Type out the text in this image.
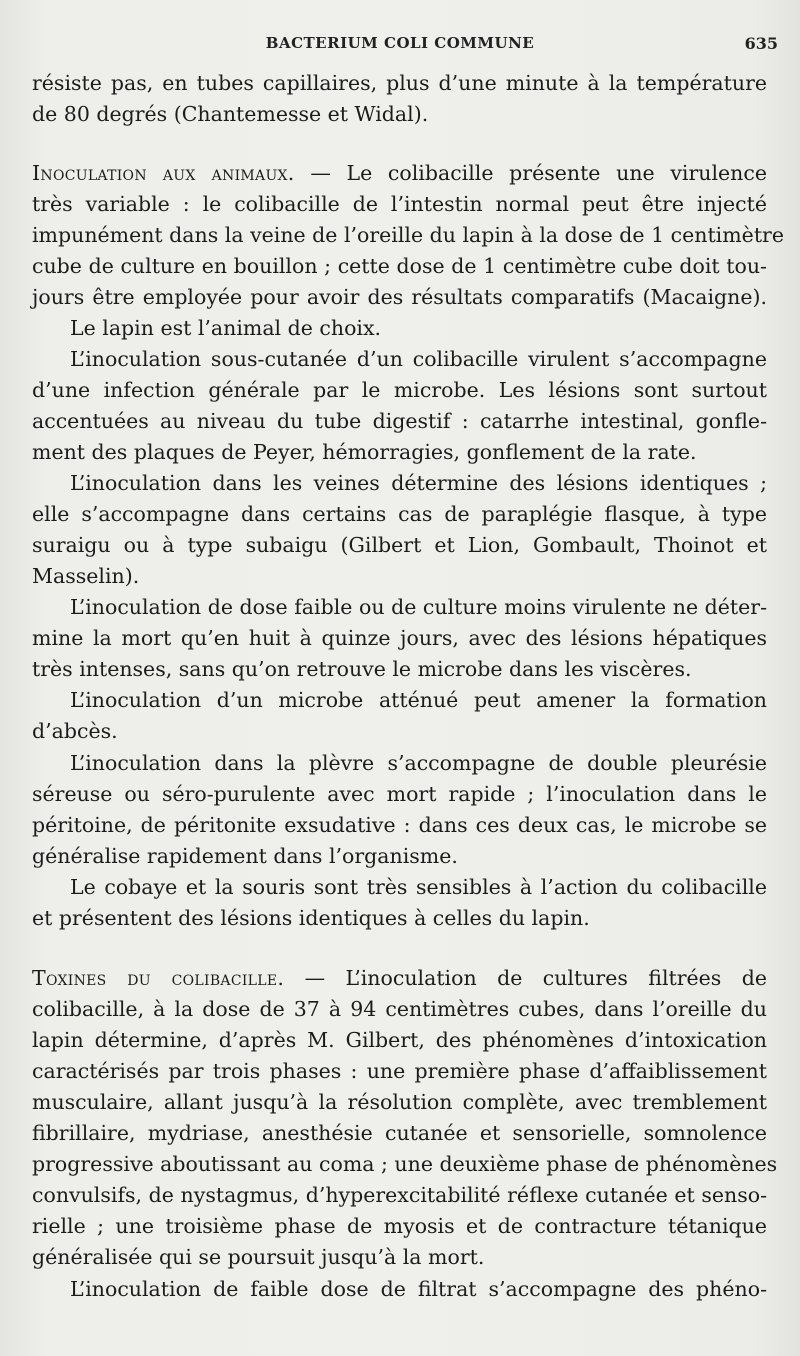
BACTERIUM COLI COMMUNE	635
résiste pas, en tubes capillaires, plus d’une minute à la température
de 80 degrés (Chantemesse et Widal).
Inoculation aux animaux. — Le colibacille présente une virulence
très variable : le colibacille de l’intestin normal peut être injecté
impunément dans la veine de l’oreille du lapin à la dose de 1 centimètre
cube de culture en bouillon ; cette dose de 1 centimètre cube doit tou-
jours être employée pour avoir des résultats comparatifs (Macaigne).
Le lapin est l’animal de choix.
L’inoculation sous-cutanée d’un colibacille virulent s’accompagne
d’une infection générale par le microbe. Les lésions sont surtout
accentuées au niveau du tube digestif : catarrhe intestinal, gonfle-
ment des plaques de Peyer, hémorragies, gonflement de la rate.
L’inoculation dans les veines détermine des lésions identiques ;
elle s’accompagne dans certains cas de paraplégie flasque, à type
suraigu ou à type subaigu (Gilbert et Lion, Gombault, Thoinot et
Masselin).
L’inoculation de dose faible ou de culture moins virulente ne déter-
mine la mort qu’en huit à quinze jours, avec des lésions hépatiques
très intenses, sans qu’on retrouve le microbe dans les viscères.
L’inoculation d’un microbe atténué peut amener la formation
d’abcès.
L’inoculation dans la plèvre s’accompagne de double pleurésie
séreuse ou séro-purulente avec mort rapide ; l’inoculation dans le
péritoine, de péritonite exsudative : dans ces deux cas, le microbe se
généralise rapidement dans l’organisme.
Le cobaye et la souris sont très sensibles à l’action du colibacille
et présentent des lésions identiques à celles du lapin.
Toxines du colibacille. — L’inoculation de cultures filtrées de
colibacille, à la dose de 37 à 94 centimètres cubes, dans l’oreille du
lapin détermine, d’après M. Gilbert, des phénomènes d’intoxication
caractérisés par trois phases : une première phase d’affaiblissement
musculaire, allant jusqu’à la résolution complète, avec tremblement
fibrillaire, mydriase, anesthésie cutanée et sensorielle, somnolence
progressive aboutissant au coma ; une deuxième phase de phénomènes
convulsifs, de nystagmus, d’hyperexcitabilité réflexe cutanée et senso-
rielle ; une troisième phase de myosis et de contracture tétanique
généralisée qui se poursuit jusqu’à la mort.
L’inoculation de faible dose de filtrat s’accompagne des phéno-
